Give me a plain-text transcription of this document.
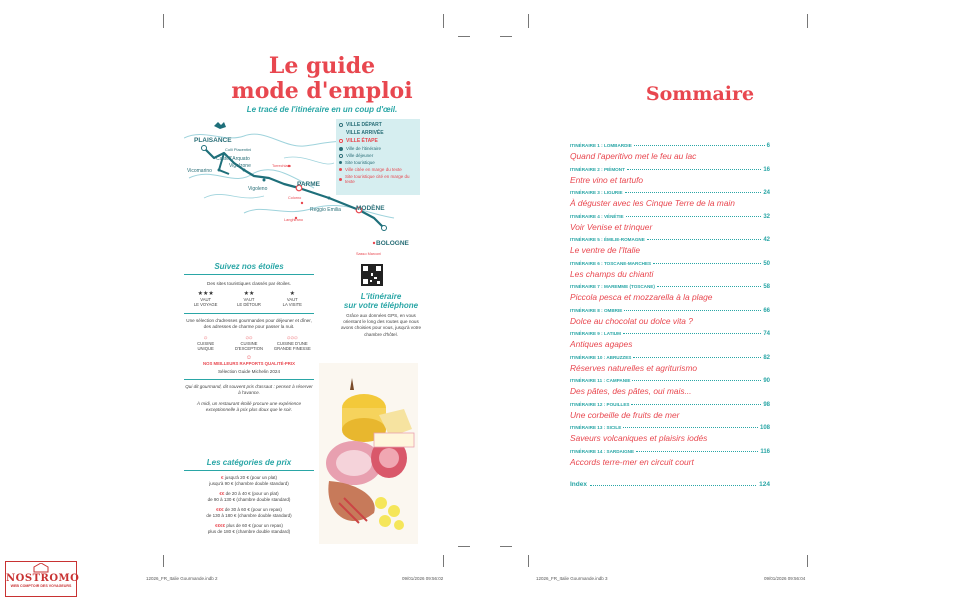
Le guide
mode d'emploi
Le tracé de l'itinéraire en un coup d'œil.
PLAISANCE
Castell'Arquato
Colli Piacentini
Vigolzone	Torrechiara
Vicomarino
Vigoleno
PARME
Colorno
Reggio Emilia
Langhirano
MODÈNE
BOLOGNE
Sasso Marconi
VILLE DÉPART
VILLE ARRIVÉE
VILLE ÉTAPE
Ville de l'itinéraire
Ville déjeuner
Site touristique
Ville citée en marge du texte
Site touristique cité en marge du texte
Suivez nos étoiles
Des sites touristiques classés par étoiles.
★★★
VAUT
LE VOYAGE
★★
VAUT
LE DÉTOUR
★
VAUT
LA VISITE
Une sélection d'adresses gourmandes pour déjeuner et dîner, des adresses de charme pour passer la nuit.
۞
CUISINE
UNIQUE
۞۞
CUISINE
D'EXCEPTION
۞۞۞
CUISINE D'UNE
GRANDE FINESSE
☺
NOS MEILLEURS RAPPORTS QUALITÉ-PRIX
Sélection Guide Michelin 2024
Qui dit gourmand, dit souvent pris d'assaut : pensez à réserver à l'avance.
À midi, un restaurant étoilé procure une expérience exceptionnelle à prix plus doux que le soir.
L'itinéraire
sur votre téléphone
Grâce aux données GPS, en vous orientant le long des routes que nous avons choisies pour vous, jusqu'à votre chambre d'hôtel.
Les catégories de prix
€ jusqu'à 20 € (pour un plat)
jusqu'à 90 € (chambre double standard)
€€ de 20 à 40 € (pour un plat)
de 90 à 130 € (chambre double standard)
€€€ de 30 à 60 € (pour un repas)
de 130 à 180 € (chambre double standard)
€€€€ plus de 60 € (pour un repas)
plus de 180 € (chambre double standard)
Sommaire
ITINÉRAIRE 1 : LOMBARDIE	6
Quand l'aperitivo met le feu au lac
ITINÉRAIRE 2 : PIÉMONT	16
Entre vino et tartufo
ITINÉRAIRE 3 : LIGURIE	24
À déguster avec les Cinque Terre de la main
ITINÉRAIRE 4 : VÉNÉTIE	32
Voir Venise et trinquer
ITINÉRAIRE 5 : ÉMILIE-ROMAGNE	42
Le ventre de l'Italie
ITINÉRAIRE 6 : TOSCANE-MARCHES	50
Les champs du chianti
ITINÉRAIRE 7 : MAREMME (TOSCANE)	58
Piccola pesca et mozzarella à la plage
ITINÉRAIRE 8 : OMBRIE	66
Dolce au chocolat ou dolce vita ?
ITINÉRAIRE 9 : LATIUM	74
Antiques agapes
ITINÉRAIRE 10 : ABRUZZES	82
Réserves naturelles et agriturismo
ITINÉRAIRE 11 : CAMPANIE	90
Des pâtes, des pâtes, oui mais...
ITINÉRAIRE 12 : POUILLES	98
Une corbeille de fruits de mer
ITINÉRAIRE 13 : SICILE	108
Saveurs volcaniques et plaisirs iodés
ITINÉRAIRE 14 : SARDAIGNE	116
Accords terre-mer en circuit court
Index	124
12026_FR_Italie Gourmande.indb 2	09/01/2026 09:56:02	12026_FR_Italie Gourmande.indb 3	09/01/2026 09:56:04
NOSTROMO
WEB COMPTOIR DES VOYAGEURS
